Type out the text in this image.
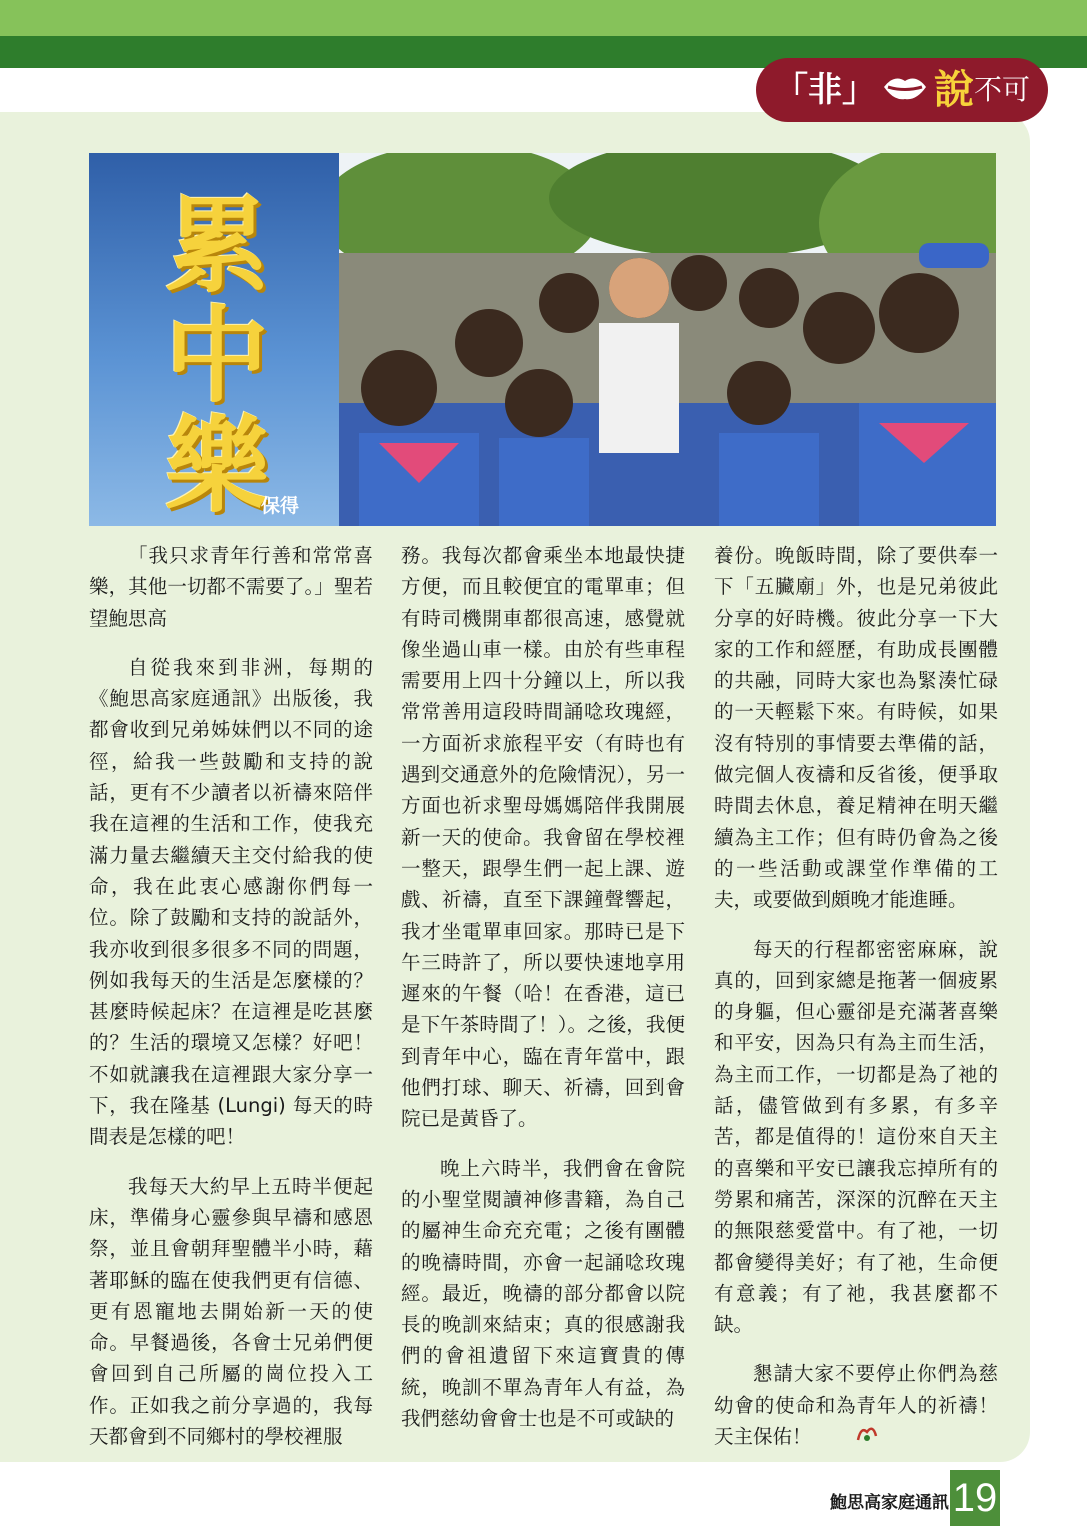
「 非 」 說 不可
累
中
樂
保得

「我只求青年行善和常常喜樂，其他一切都不需要了。」聖若望鮑思高

自從我來到非洲，每期的《鮑思高家庭通訊》出版後，我都會收到兄弟姊妹們以不同的途徑，給我一些鼓勵和支持的說話，更有不少讀者以祈禱來陪伴我在這裡的生活和工作，使我充滿力量去繼續天主交付給我的使命，我在此衷心感謝你們每一位。除了鼓勵和支持的說話外，我亦收到很多很多不同的問題，例如我每天的生活是怎麼樣的？甚麼時候起床？在這裡是吃甚麼的？生活的環境又怎樣？好吧！不如就讓我在這裡跟大家分享一下，我在隆基 (Lungi) 每天的時間表是怎樣的吧！

我每天大約早上五時半便起床，準備身心靈參與早禱和感恩祭，並且會朝拜聖體半小時，藉著耶穌的臨在使我們更有信德、更有恩寵地去開始新一天的使命。早餐過後，各會士兄弟們便會回到自己所屬的崗位投入工作。正如我之前分享過的，我每天都會到不同鄉村的學校裡服

務。我每次都會乘坐本地最快捷方便，而且較便宜的電單車；但有時司機開車都很高速，感覺就像坐過山車一樣。由於有些車程需要用上四十分鐘以上，所以我常常善用這段時間誦唸玫瑰經，一方面祈求旅程平安（有時也有遇到交通意外的危險情況），另一方面也祈求聖母媽媽陪伴我開展新一天的使命。我會留在學校裡一整天，跟學生們一起上課、遊戲、祈禱，直至下課鐘聲響起，我才坐電單車回家。那時已是下午三時許了，所以要快速地享用遲來的午餐（哈！在香港，這已是下午茶時間了！）。之後，我便到青年中心，臨在青年當中，跟他們打球、聊天、祈禱，回到會院已是黃昏了。

晚上六時半，我們會在會院的小聖堂閱讀神修書籍，為自己的屬神生命充充電；之後有團體的晚禱時間，亦會一起誦唸玫瑰經。最近，晚禱的部分都會以院長的晚訓來結束；真的很感謝我們的會祖遺留下來這寶貴的傳統，晚訓不單為青年人有益，為我們慈幼會會士也是不可或缺的

養份。晚飯時間，除了要供奉一下「五臟廟」外，也是兄弟彼此分享的好時機。彼此分享一下大家的工作和經歷，有助成長團體的共融，同時大家也為緊湊忙碌的一天輕鬆下來。有時候，如果沒有特別的事情要去準備的話，做完個人夜禱和反省後，便爭取時間去休息，養足精神在明天繼續為主工作；但有時仍會為之後的一些活動或課堂作準備的工夫，或要做到頗晚才能進睡。

每天的行程都密密麻麻，說真的，回到家總是拖著一個疲累的身軀，但心靈卻是充滿著喜樂和平安，因為只有為主而生活，為主而工作，一切都是為了祂的話，儘管做到有多累，有多辛苦，都是值得的！這份來自天主的喜樂和平安已讓我忘掉所有的勞累和痛苦，深深的沉醉在天主的無限慈愛當中。有了祂，一切都會變得美好；有了祂，生命便有意義；有了祂，我甚麼都不缺。

懇請大家不要停止你們為慈幼會的使命和為青年人的祈禱！天主保佑！

鮑思高家庭通訊 19
